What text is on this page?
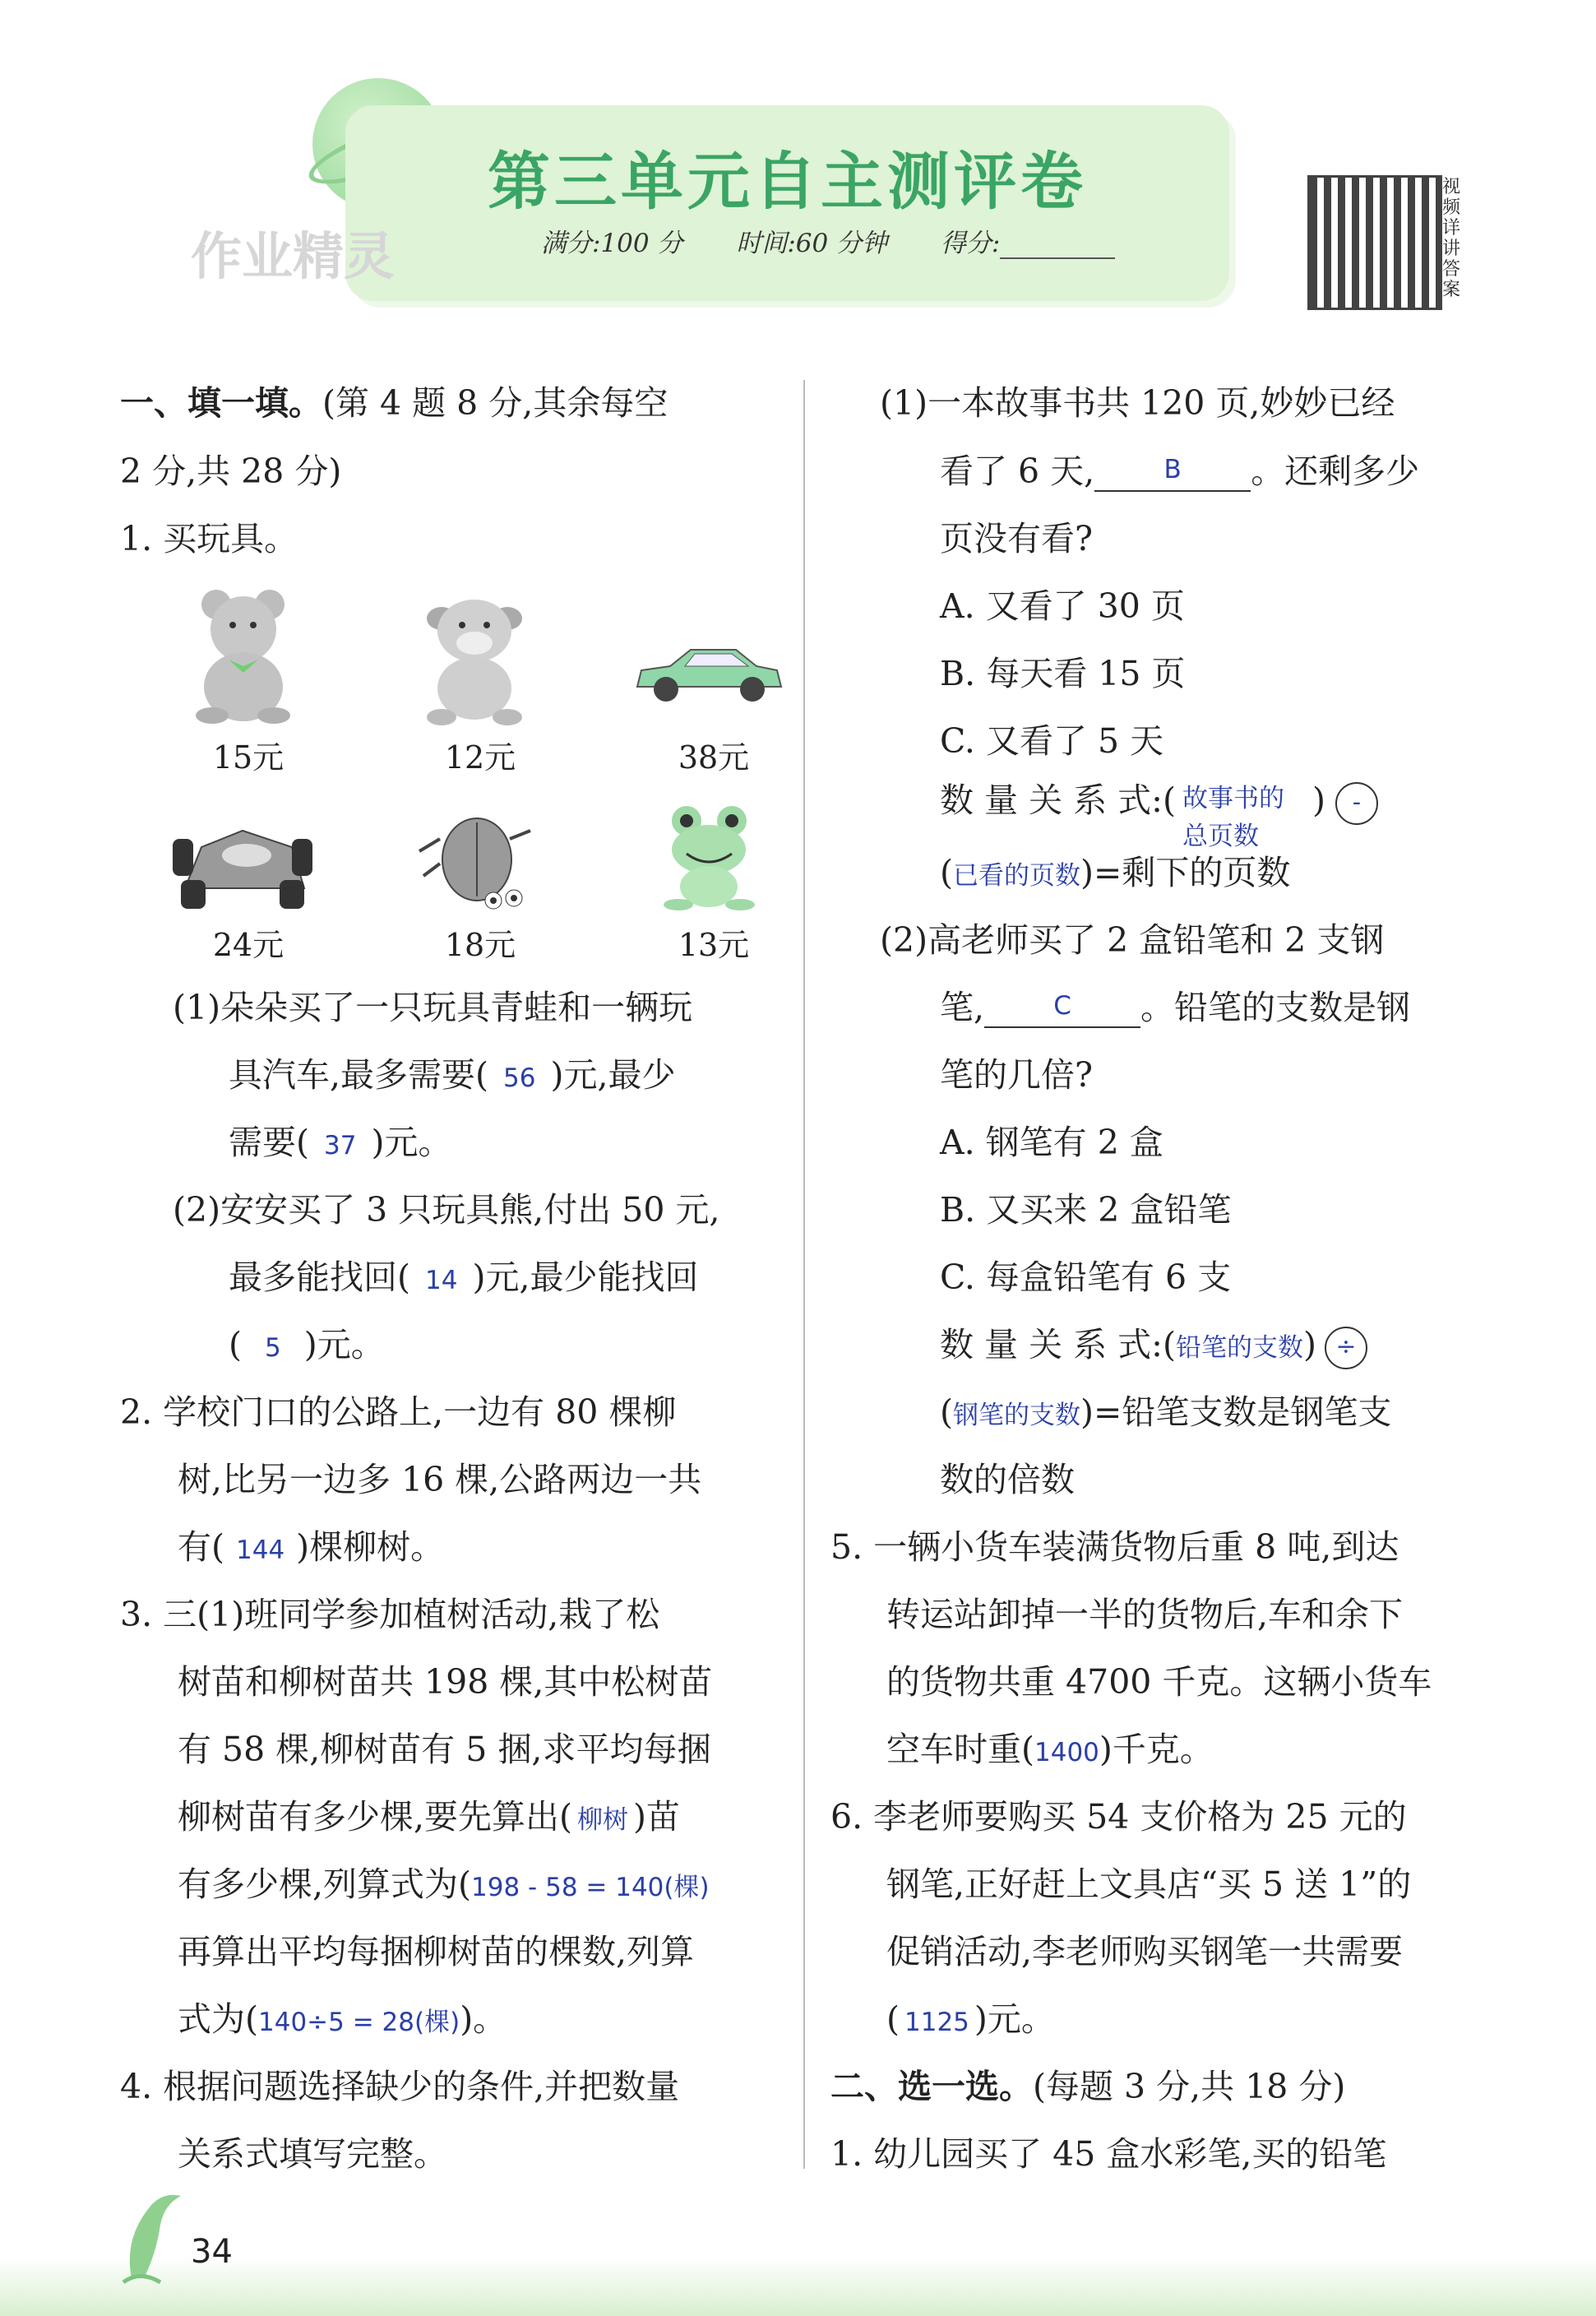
第三单元自主测评卷
满分:100 分 时间:60 分钟 得分:
作业精灵
视频详讲答案
一、填一填。(第 4 题 8 分,其余每空
2 分,共 28 分)
1. 买玩具。
15元	12元	38元
24元	18元	13元
(1)朵朵买了一只玩具青蛙和一辆玩
具汽车,最多需要( 56 )元,最少
需要( 37 )元。
(2)安安买了 3 只玩具熊,付出 50 元,
最多能找回( 14 )元,最少能找回
( 5 )元。
2. 学校门口的公路上,一边有 80 棵柳
树,比另一边多 16 棵,公路两边一共
有( 144 )棵柳树。
3. 三(1)班同学参加植树活动,栽了松
树苗和柳树苗共 198 棵,其中松树苗
有 58 棵,柳树苗有 5 捆,求平均每捆
柳树苗有多少棵,要先算出( 柳树 )苗
有多少棵,列算式为(198 - 58 = 140(棵)
再算出平均每捆柳树苗的棵数,列算
式为(140÷5 = 28(棵))。
4. 根据问题选择缺少的条件,并把数量
关系式填写完整。
(1)一本故事书共 120 页,妙妙已经
看了 6 天,	B	。还剩多少
页没有看?
A. 又看了 30 页
B. 每天看 15 页
C. 又看了 5 天
数 量 关 系 式:( 故事书的总页数) -
(已看的页数)=剩下的页数
(2)高老师买了 2 盒铅笔和 2 支钢
笔,	C	。铅笔的支数是钢
笔的几倍?
A. 钢笔有 2 盒
B. 又买来 2 盒铅笔
C. 每盒铅笔有 6 支
数 量 关 系 式:(铅笔的支数) ÷
(钢笔的支数)=铅笔支数是钢笔支
数的倍数
5. 一辆小货车装满货物后重 8 吨,到达
转运站卸掉一半的货物后,车和余下
的货物共重 4700 千克。这辆小货车
空车时重(1400)千克。
6. 李老师要购买 54 支价格为 25 元的
钢笔,正好赶上文具店“买 5 送 1”的
促销活动,李老师购买钢笔一共需要
( 1125 )元。
二、选一选。(每题 3 分,共 18 分)
1. 幼儿园买了 45 盒水彩笔,买的铅笔
34
